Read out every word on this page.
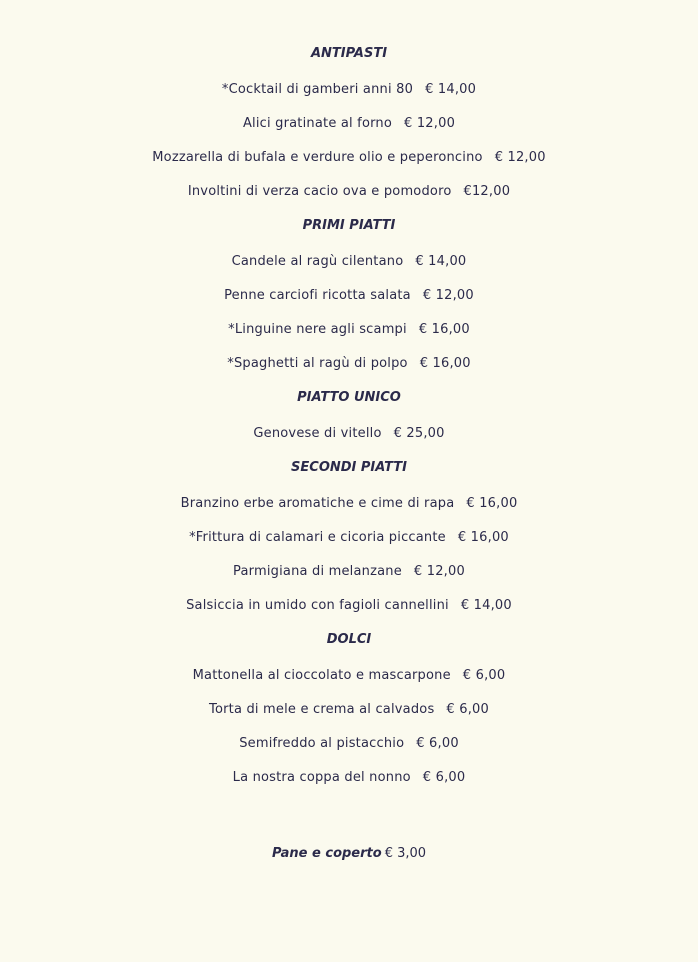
ANTIPASTI
*Cocktail di gamberi anni 80 € 14,00
Alici gratinate al forno € 12,00
Mozzarella di bufala e verdure olio e peperoncino € 12,00
Involtini di verza cacio ova e pomodoro €12,00
PRIMI PIATTI
Candele al ragù cilentano € 14,00
Penne carciofi ricotta salata € 12,00
*Linguine nere agli scampi € 16,00
*Spaghetti al ragù di polpo € 16,00
PIATTO UNICO
Genovese di vitello € 25,00
SECONDI PIATTI
Branzino erbe aromatiche e cime di rapa € 16,00
*Frittura di calamari e cicoria piccante € 16,00
Parmigiana di melanzane € 12,00
Salsiccia in umido con fagioli cannellini € 14,00
DOLCI
Mattonella al cioccolato e mascarpone € 6,00
Torta di mele e crema al calvados € 6,00
Semifreddo al pistacchio € 6,00
La nostra coppa del nonno € 6,00
Pane e coperto € 3,00
